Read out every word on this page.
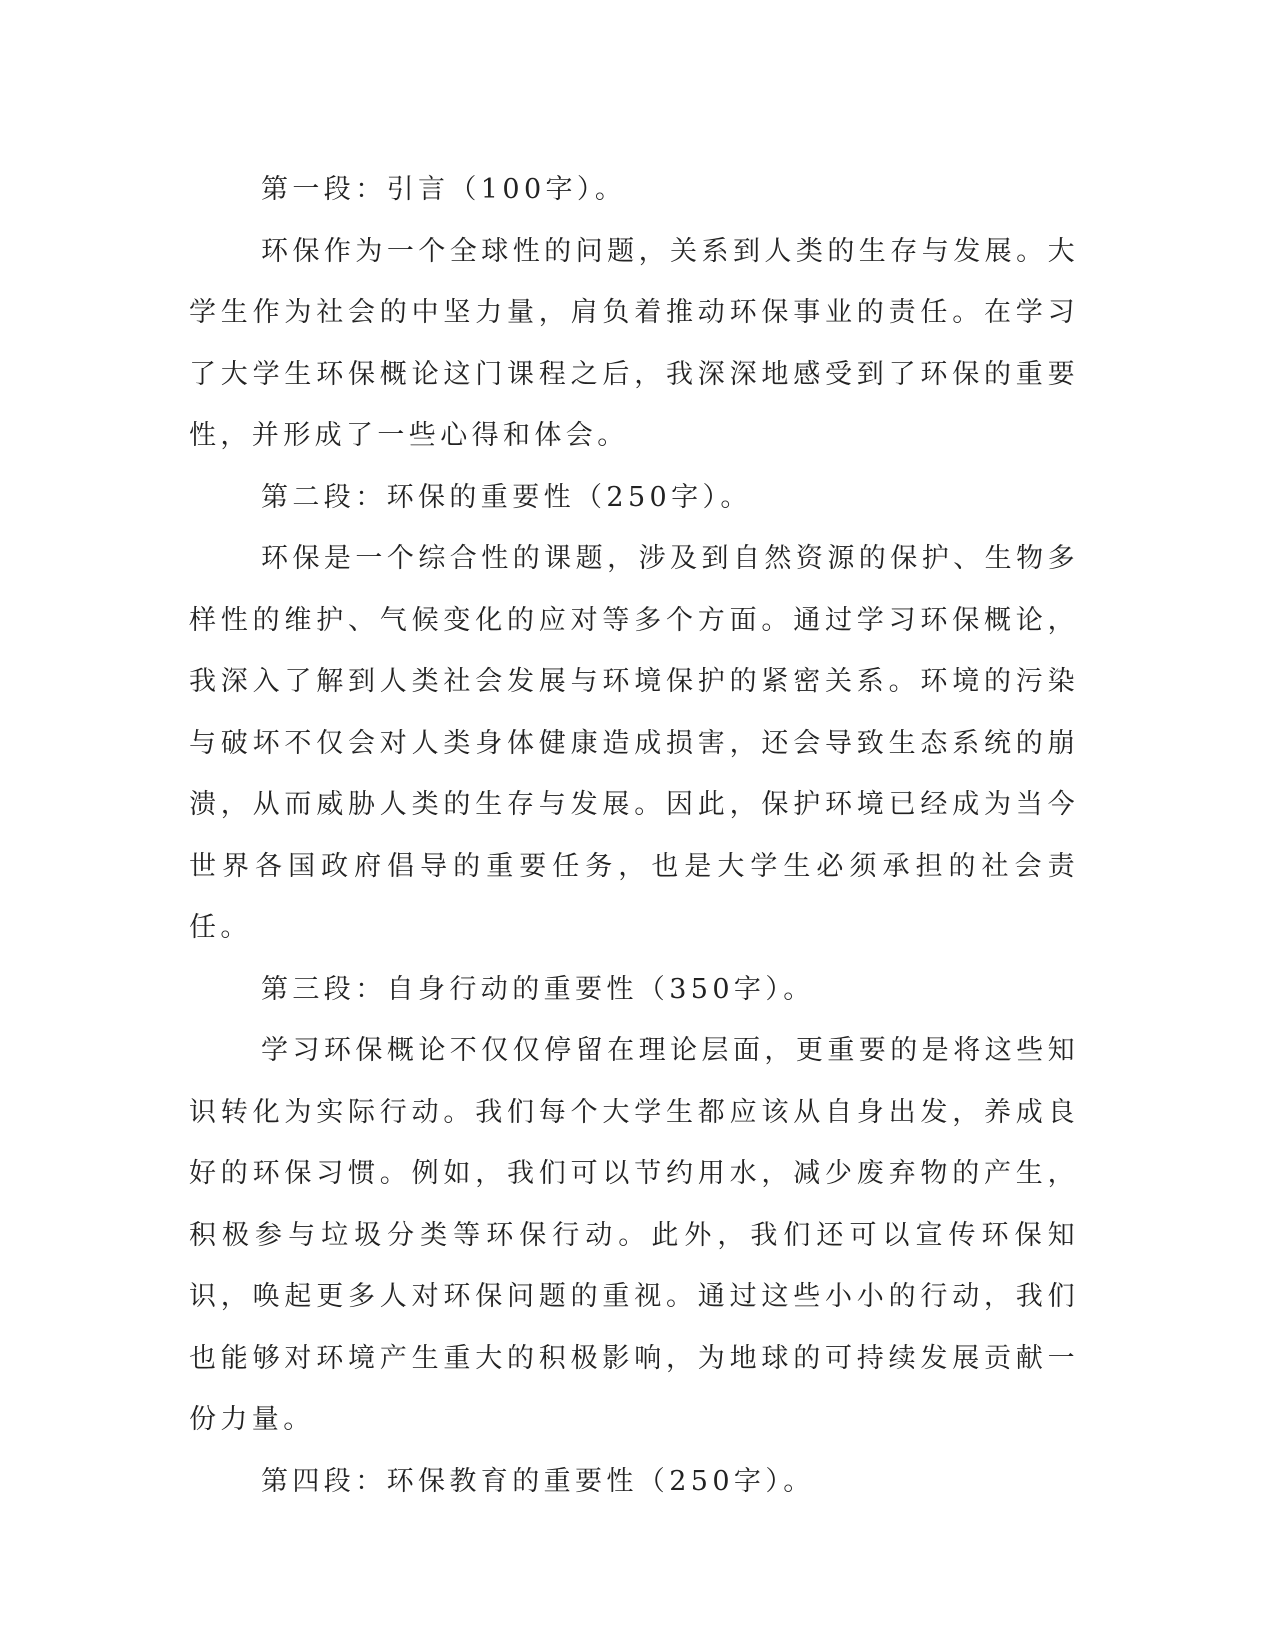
第一段：引言（100字）。

环保作为一个全球性的问题，关系到人类的生存与发展。大学生作为社会的中坚力量，肩负着推动环保事业的责任。在学习了大学生环保概论这门课程之后，我深深地感受到了环保的重要性，并形成了一些心得和体会。

第二段：环保的重要性（250字）。

环保是一个综合性的课题，涉及到自然资源的保护、生物多样性的维护、气候变化的应对等多个方面。通过学习环保概论，我深入了解到人类社会发展与环境保护的紧密关系。环境的污染与破坏不仅会对人类身体健康造成损害，还会导致生态系统的崩溃，从而威胁人类的生存与发展。因此，保护环境已经成为当今世界各国政府倡导的重要任务，也是大学生必须承担的社会责任。

第三段：自身行动的重要性（350字）。

学习环保概论不仅仅停留在理论层面，更重要的是将这些知识转化为实际行动。我们每个大学生都应该从自身出发，养成良好的环保习惯。例如，我们可以节约用水，减少废弃物的产生，积极参与垃圾分类等环保行动。此外，我们还可以宣传环保知识，唤起更多人对环保问题的重视。通过这些小小的行动，我们也能够对环境产生重大的积极影响，为地球的可持续发展贡献一份力量。

第四段：环保教育的重要性（250字）。
